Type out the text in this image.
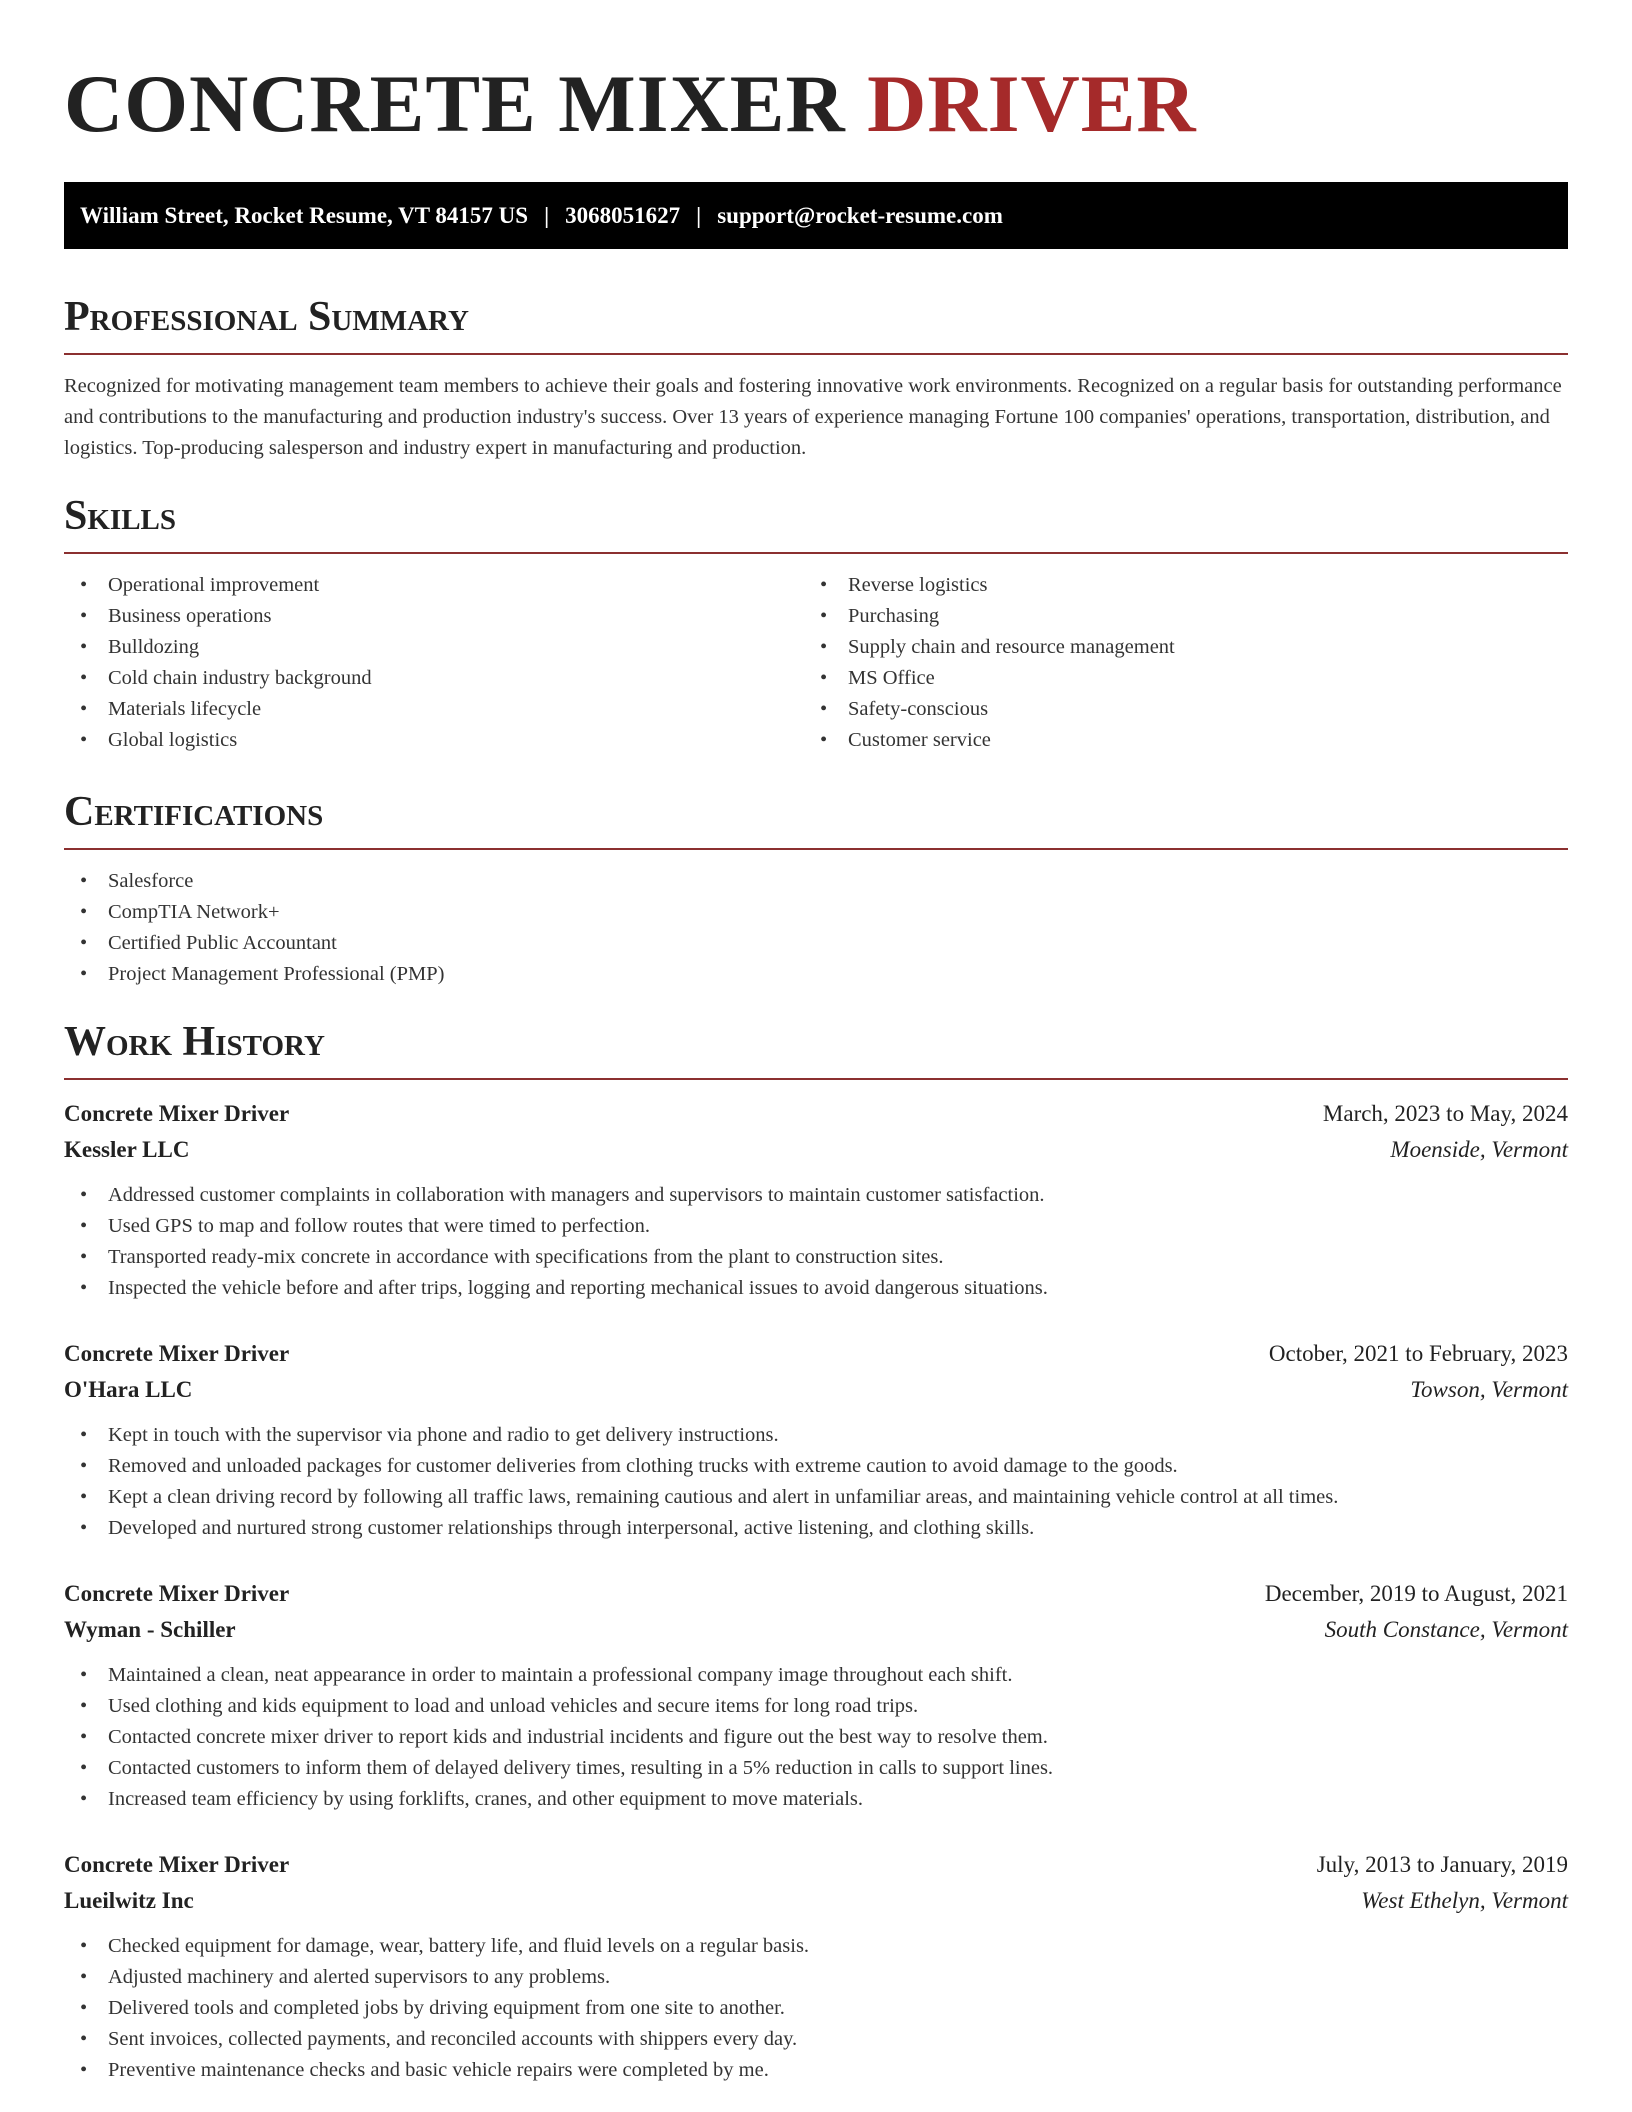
CONCRETE MIXER DRIVER
William Street, Rocket Resume, VT 84157 US | 3068051627 | support@rocket-resume.com
Professional Summary

Recognized for motivating management team members to achieve their goals and fostering innovative work environments. Recognized on a regular basis for outstanding performance and contributions to the manufacturing and production industry's success. Over 13 years of experience managing Fortune 100 companies' operations, transportation, distribution, and logistics. Top-producing salesperson and industry expert in manufacturing and production.

Skills
• Operational improvement
• Business operations
• Bulldozing
• Cold chain industry background
• Materials lifecycle
• Global logistics
• Reverse logistics
• Purchasing
• Supply chain and resource management
• MS Office
• Safety-conscious
• Customer service
Certifications
• Salesforce
• CompTIA Network+
• Certified Public Accountant
• Project Management Professional (PMP)
Work History
Concrete Mixer Driver	March, 2023 to May, 2024
Kessler LLC	Moenside, Vermont
• Addressed customer complaints in collaboration with managers and supervisors to maintain customer satisfaction.
• Used GPS to map and follow routes that were timed to perfection.
• Transported ready-mix concrete in accordance with specifications from the plant to construction sites.
• Inspected the vehicle before and after trips, logging and reporting mechanical issues to avoid dangerous situations.
Concrete Mixer Driver	October, 2021 to February, 2023
O'Hara LLC	Towson, Vermont
• Kept in touch with the supervisor via phone and radio to get delivery instructions.
• Removed and unloaded packages for customer deliveries from clothing trucks with extreme caution to avoid damage to the goods.
• Kept a clean driving record by following all traffic laws, remaining cautious and alert in unfamiliar areas, and maintaining vehicle control at all times.
• Developed and nurtured strong customer relationships through interpersonal, active listening, and clothing skills.
Concrete Mixer Driver	December, 2019 to August, 2021
Wyman - Schiller	South Constance, Vermont
• Maintained a clean, neat appearance in order to maintain a professional company image throughout each shift.
• Used clothing and kids equipment to load and unload vehicles and secure items for long road trips.
• Contacted concrete mixer driver to report kids and industrial incidents and figure out the best way to resolve them.
• Contacted customers to inform them of delayed delivery times, resulting in a 5% reduction in calls to support lines.
• Increased team efficiency by using forklifts, cranes, and other equipment to move materials.
Concrete Mixer Driver	July, 2013 to January, 2019
Lueilwitz Inc	West Ethelyn, Vermont
• Checked equipment for damage, wear, battery life, and fluid levels on a regular basis.
• Adjusted machinery and alerted supervisors to any problems.
• Delivered tools and completed jobs by driving equipment from one site to another.
• Sent invoices, collected payments, and reconciled accounts with shippers every day.
• Preventive maintenance checks and basic vehicle repairs were completed by me.
